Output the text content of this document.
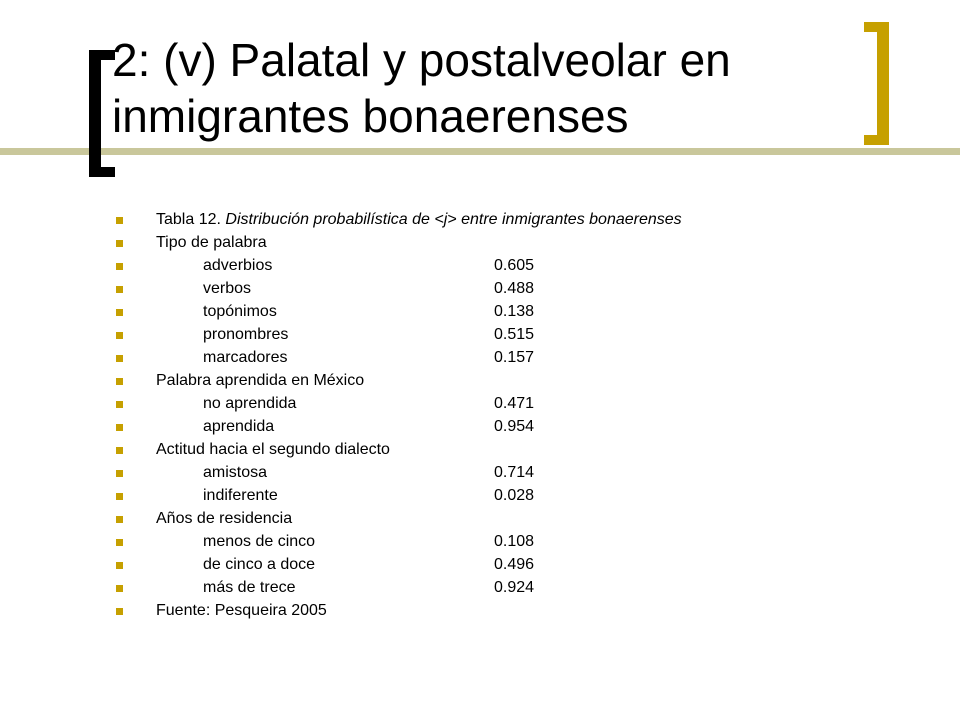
2: (v) Palatal y postalveolar en inmigrantes bonaerenses
Tabla 12. Distribución probabilística de <j> entre inmigrantes bonaerenses
Tipo de palabra
adverbios	0.605
verbos	0.488
topónimos	0.138
pronombres	0.515
marcadores	0.157
Palabra aprendida en México
no aprendida	0.471
aprendida	0.954
Actitud hacia el segundo dialecto
amistosa	0.714
indiferente	0.028
Años de residencia
menos de cinco	0.108
de cinco a doce	0.496
más de trece	0.924
Fuente: Pesqueira 2005
